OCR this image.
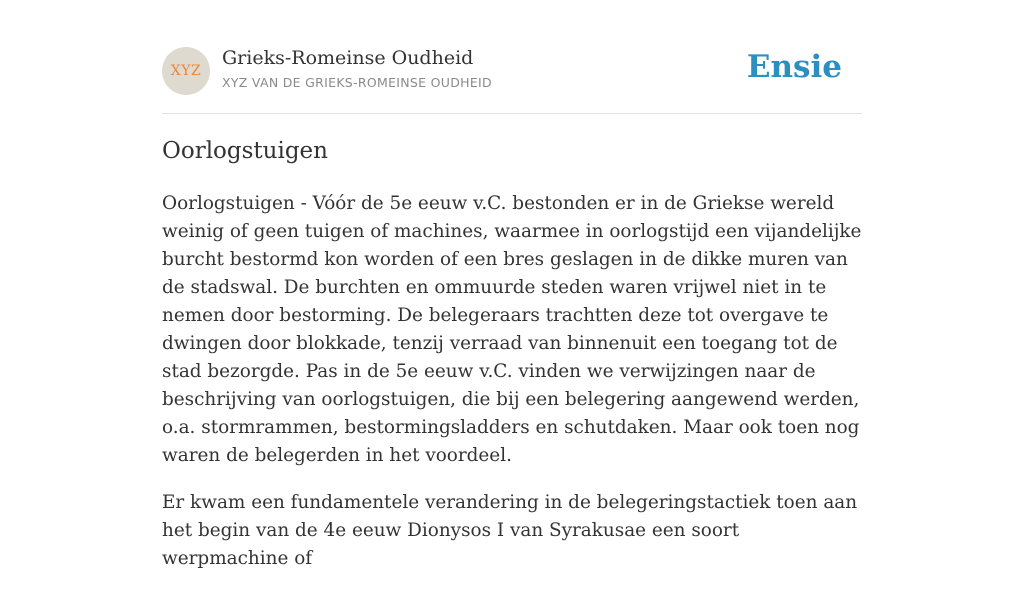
XYZ
Grieks-Romeinse Oudheid
XYZ VAN DE GRIEKS-ROMEINSE OUDHEID	Ensie
Oorlogstuigen

Oorlogstuigen - Vóór de 5e eeuw v.C. bestonden er in de Griekse wereld weinig of geen tuigen of machines, waarmee in oorlogstijd een vijandelijke burcht bestormd kon worden of een bres geslagen in de dikke muren van de stadswal. De burchten en ommuurde steden waren vrijwel niet in te nemen door bestorming. De belegeraars trachtten deze tot overgave te dwingen door blokkade, tenzij verraad van binnenuit een toegang tot de stad bezorgde. Pas in de 5e eeuw v.C. vinden we verwijzingen naar de beschrijving van oorlogstuigen, die bij een belegering aangewend werden, o.a. stormrammen, bestormingsladders en schutdaken. Maar ook toen nog waren de belegerden in het voordeel.

Er kwam een fundamentele verandering in de belegeringstactiek toen aan het begin van de 4e eeuw Dionysos I van Syrakusae een soort werpmachine of
